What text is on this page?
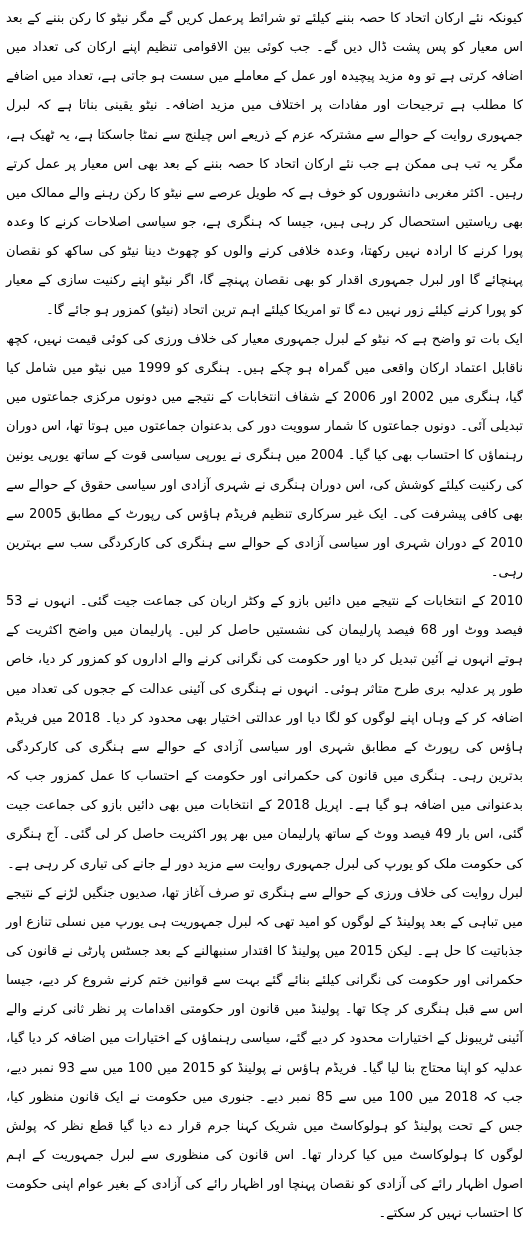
کیونکہ نئے ارکان اتحاد کا حصہ بننے کیلئے تو شرائط پرعمل کریں گے مگر نیٹو کا رکن بننے کے بعد اس معیار کو پس پشت ڈال دیں گے۔ جب کوئی بین الاقوامی تنظیم اپنے ارکان کی تعداد میں اضافہ کرتی ہے تو وہ مزید پیچیدہ اور عمل کے معاملے میں سست ہو جاتی ہے، تعداد میں اضافے کا مطلب ہے ترجیحات اور مفادات پر اختلاف میں مزید اضافہ۔ نیٹو یقینی بناتا ہے کہ لبرل جمہوری روایت کے حوالے سے مشترکہ عزم کے ذریعے اس چیلنج سے نمٹا جاسکتا ہے، یہ ٹھیک ہے، مگر یہ تب ہی ممکن ہے جب نئے ارکان اتحاد کا حصہ بننے کے بعد بھی اس معیار پر عمل کرتے رہیں۔ اکثر مغربی دانشوروں کو خوف ہے کہ طویل عرصے سے نیٹو کا رکن رہنے والے ممالک میں بھی ریاستیں استحصال کر رہی ہیں، جیسا کہ ہنگری ہے، جو سیاسی اصلاحات کرنے کا وعدہ پورا کرنے کا ارادہ نہیں رکھتا، وعدہ خلافی کرنے والوں کو چھوٹ دینا نیٹو کی ساکھ کو نقصان پہنچائے گا اور لبرل جمہوری اقدار کو بھی نقصان پہنچے گا، اگر نیٹو اپنے رکنیت سازی کے معیار کو پورا کرنے کیلئے زور نہیں دے گا تو امریکا کیلئے اہم ترین اتحاد (نیٹو) کمزور ہو جائے گا۔

ایک بات تو واضح ہے کہ نیٹو کے لبرل جمہوری معیار کی خلاف ورزی کی کوئی قیمت نہیں، کچھ ناقابل اعتماد ارکان واقعی میں گمراہ ہو چکے ہیں۔ ہنگری کو 1999 میں نیٹو میں شامل کیا گیا، ہنگری میں 2002 اور 2006 کے شفاف انتخابات کے نتیجے میں دونوں مرکزی جماعتوں میں تبدیلی آئی۔ دونوں جماعتوں کا شمار سوویت دور کی بدعنوان جماعتوں میں ہوتا تھا، اس دوران رہنماؤں کا احتساب بھی کیا گیا۔ 2004 میں ہنگری نے یورپی سیاسی قوت کے ساتھ یورپی یونین کی رکنیت کیلئے کوشش کی، اس دوران ہنگری نے شہری آزادی اور سیاسی حقوق کے حوالے سے بھی کافی پیشرفت کی۔ ایک غیر سرکاری تنظیم فریڈم ہاؤس کی رپورٹ کے مطابق 2005 سے 2010 کے دوران شہری اور سیاسی آزادی کے حوالے سے ہنگری کی کارکردگی سب سے بہترین رہی۔

2010 کے انتخابات کے نتیجے میں دائیں بازو کے وکٹر اربان کی جماعت جیت گئی۔ انہوں نے 53 فیصد ووٹ اور 68 فیصد پارلیمان کی نشستیں حاصل کر لیں۔ پارلیمان میں واضح اکثریت کے ہوتے انہوں نے آئین تبدیل کر دیا اور حکومت کی نگرانی کرنے والے اداروں کو کمزور کر دیا، خاص طور پر عدلیہ بری طرح متاثر ہوئی۔ انہوں نے ہنگری کی آئینی عدالت کے ججوں کی تعداد میں اضافہ کر کے وہاں اپنے لوگوں کو لگا دیا اور عدالتی اختیار بھی محدود کر دیا۔ 2018 میں فریڈم ہاؤس کی رپورٹ کے مطابق شہری اور سیاسی آزادی کے حوالے سے ہنگری کی کارکردگی بدترین رہی۔ ہنگری میں قانون کی حکمرانی اور حکومت کے احتساب کا عمل کمزور جب کہ بدعنوانی میں اضافہ ہو گیا ہے۔ اپریل 2018 کے انتخابات میں بھی دائیں بازو کی جماعت جیت گئی، اس بار 49 فیصد ووٹ کے ساتھ پارلیمان میں بھر پور اکثریت حاصل کر لی گئی۔ آج ہنگری کی حکومت ملک کو یورپ کی لبرل جمہوری روایت سے مزید دور لے جانے کی تیاری کر رہی ہے۔

لبرل روایت کی خلاف ورزی کے حوالے سے ہنگری تو صرف آغاز تھا، صدیوں جنگیں لڑنے کے نتیجے میں تباہی کے بعد پولینڈ کے لوگوں کو امید تھی کہ لبرل جمہوریت ہی یورپ میں نسلی تنازع اور جذباتیت کا حل ہے۔ لیکن 2015 میں پولینڈ کا اقتدار سنبھالنے کے بعد جسٹس پارٹی نے قانون کی حکمرانی اور حکومت کی نگرانی کیلئے بنائے گئے بہت سے قوانین ختم کرنے شروع کر دیے، جیسا اس سے قبل ہنگری کر چکا تھا۔ پولینڈ میں قانون اور حکومتی اقدامات پر نظر ثانی کرنے والے آئینی ٹریبونل کے اختیارات محدود کر دیے گئے، سیاسی رہنماؤں کے اختیارات میں اضافہ کر دیا گیا، عدلیہ کو اپنا محتاج بنا لیا گیا۔ فریڈم ہاؤس نے پولینڈ کو 2015 میں 100 میں سے 93 نمبر دیے، جب کہ 2018 میں 100 میں سے 85 نمبر دیے۔ جنوری میں حکومت نے ایک قانون منظور کیا، جس کے تحت پولینڈ کو ہولوکاسٹ میں شریک کہنا جرم قرار دے دیا گیا قطع نظر کہ پولش لوگوں کا ہولوکاسٹ میں کیا کردار تھا۔ اس قانون کی منظوری سے لبرل جمہوریت کے اہم اصول اظہار رائے کی آزادی کو نقصان پہنچا اور اظہار رائے کی آزادی کے بغیر عوام اپنی حکومت کا احتساب نہیں کر سکتے۔
